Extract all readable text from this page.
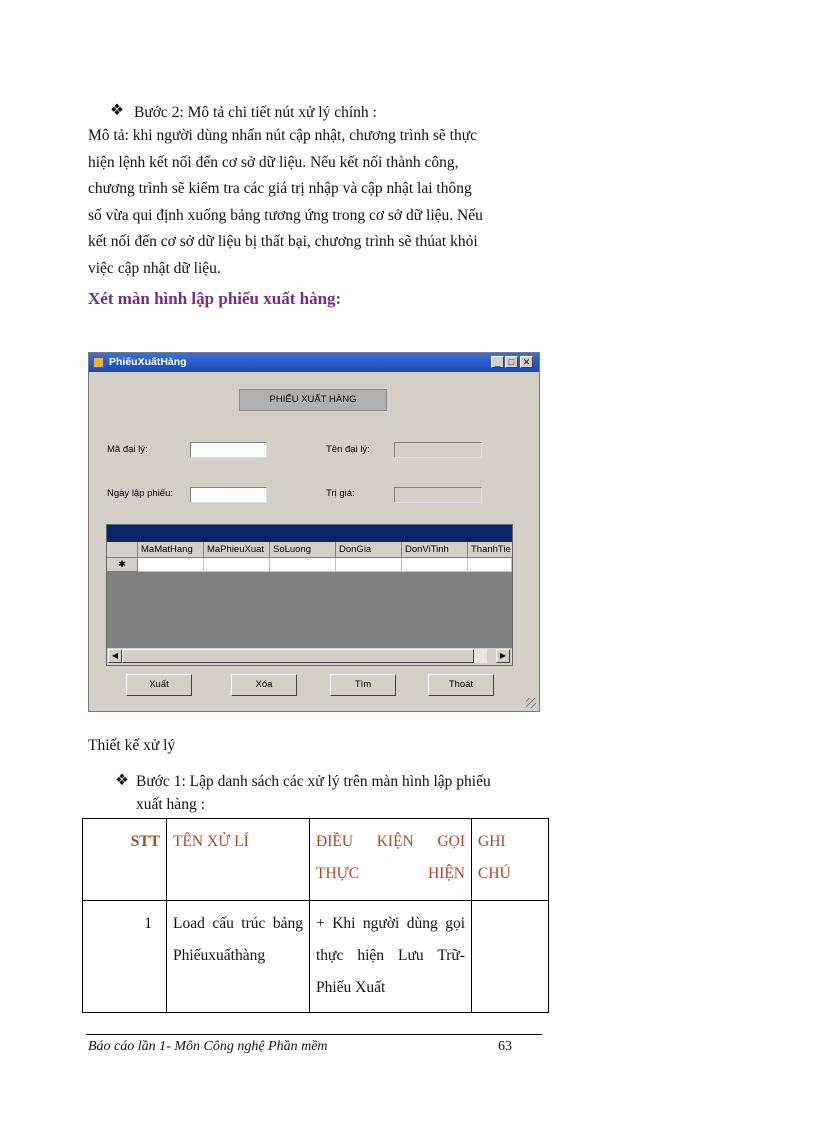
❖ Bước 2: Mô tả chi tiết nút xử lý chính :
Mô tả: khi người dùng nhấn nút cập nhật, chương trình sẽ thực
hiện lệnh kết nối đến cơ sở dữ liệu. Nếu kết nối thành công,
chương trình sẽ kiểm tra các giá trị nhập và cập nhật lai thông
số vừa qui định xuống bảng tương ứng trong cơ sở dữ liệu. Nếu
kết nối đến cơ sở dữ liệu bị thất bại, chương trình sẽ thúat khỏi
việc cập nhật dữ liệu.
Xét màn hình lập phiếu xuất hàng:
PhiếuXuấtHàng	_ □ ✕
PHIẾU XUẤT HÀNG
Mã đại lý:	Tên đại lý:
Ngày lập phiếu:	Trị giá:
MaMatHang	MaPhieuXuat SoLuong	DonGia	DonViTinh	ThanhTie
✱
◀	▶
Xuất	Xóa	Tìm	Thoát
Thiết kế xử lý
❖ Bước 1: Lập danh sách các xử lý trên màn hình lập phiếu
xuất hàng :
STT	TÊN XỬ LÍ	ĐIỀU KIỆN GỌI THỰC HIỆN	GHI CHÚ
1	Load cấu trúc bảng Phiếuxuấthàng	+ Khi người dùng gọi thực hiện Lưu Trữ- Phiếu Xuất	
Báo cáo lần 1- Môn Công nghệ Phần mềm	63
